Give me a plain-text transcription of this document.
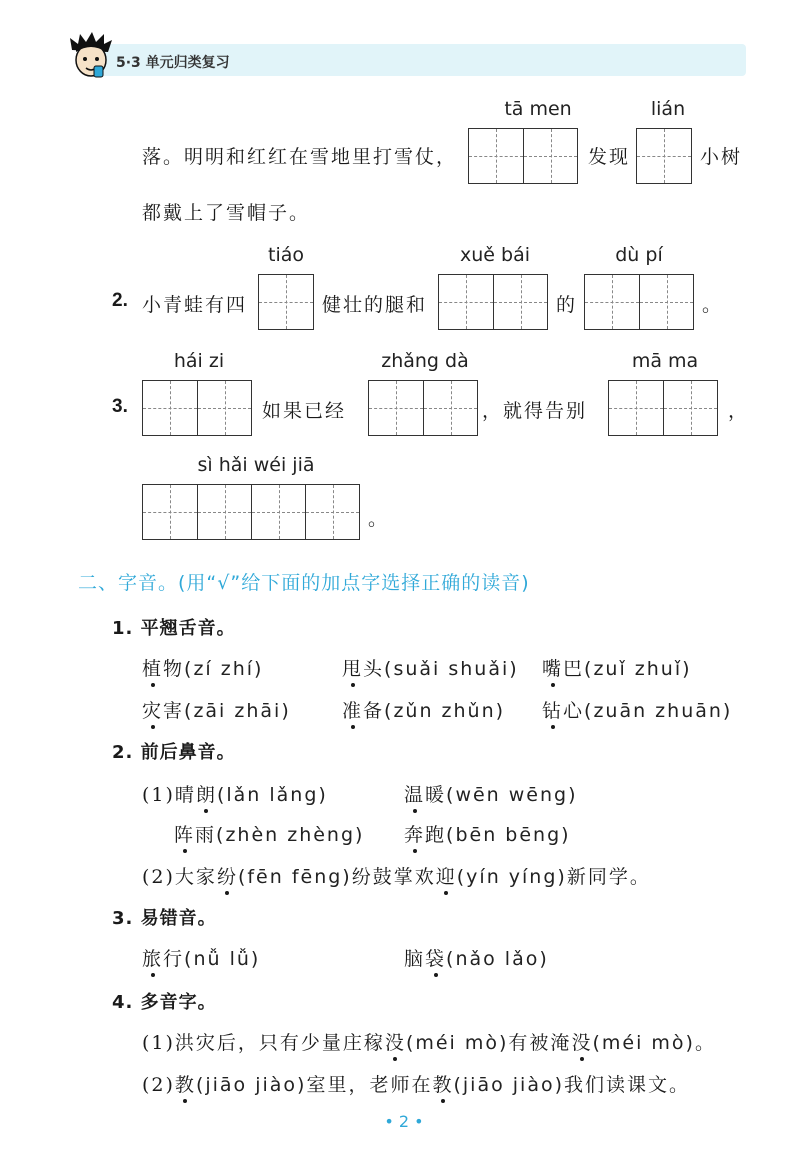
5·3 单元归类复习
tā men	lián
落。明明和红红在雪地里打雪仗，	发现	小树
都戴上了雪帽子。
tiáo	xuě bái	dù pí
2. 小青蛙有四	健壮的腿和	的	。
hái zi	zhǎng dà	mā ma
3.	如果已经	，就得告别	，
sì hǎi wéi jiā
。
二、字音。(用“√”给下面的加点字选择正确的读音)
1. 平翘舌音。
植物(zí zhí)	甩头(suǎi shuǎi) 嘴巴(zuǐ zhuǐ)
灾害(zāi zhāi)	准备(zǔn zhǔn) 钻心(zuān zhuān)
2. 前后鼻音。
(1)晴朗(lǎn lǎng)	温暖(wēn wēng)
阵雨(zhèn zhèng) 奔跑(bēn bēng)
(2)大家纷(fēn fēng)纷鼓掌欢迎(yín yíng)新同学。
3. 易错音。
旅行(nǚ lǚ)	脑袋(nǎo lǎo)
4. 多音字。
(1)洪灾后，只有少量庄稼没(méi mò)有被淹没(méi mò)。
(2)教(jiāo jiào)室里，老师在教(jiāo jiào)我们读课文。
• 2 •
